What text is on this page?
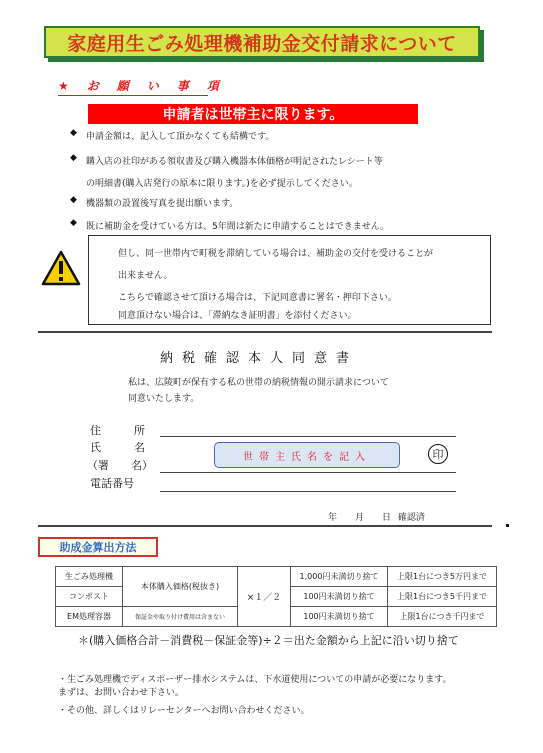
家庭用生ごみ処理機補助金交付請求について
★　お　願　い　事　項
申請者は世帯主に限ります。
◆ 申請金額は、記入して頂かなくても結構です。
◆ 購入店の社印がある領収書及び購入機器本体価格が明記されたレシート等
の明細書(購入店発行の原本に限ります。)を必ず提示してください。
◆ 機器類の設置後写真を提出願います。
◆ 既に補助金を受けている方は、5年間は新たに申請することはできません。
但し、同一世帯内で町税を滞納している場合は、補助金の交付を受けることが
出来ません。
こちらで確認させて頂ける場合は、下記同意書に署名・押印下さい。
同意頂けない場合は、「滞納なき証明書」を添付ください。
納税確認本人同意書
私は、広陵町が保有する私の世帯の納税情報の開示請求について
同意いたします。
住　　　所
氏　　　名
（署　　名）
電話番号
世帯主氏名を記入	印
年　　月　　日 確認済
助成金算出方法
生ごみ処理機	本体購入価格(税抜き)	×１／２	1,000円未満切り捨て	上限1台につき5万円まで
コンポスト			100円未満切り捨て	上限1台につき5千円まで
EM処理容器	保証金や取り付け費用は含まない		100円未満切り捨て	上限1台につき千円まで
＊(購入価格合計－消費税－保証金等)÷２＝出た金額から上記に沿い切り捨て
・生ごみ処理機でディスポーザー排水システムは、下水道使用についての申請が必要になります。
まずは、お問い合わせ下さい。
・その他、詳しくはリレーセンターへお問い合わせください。
